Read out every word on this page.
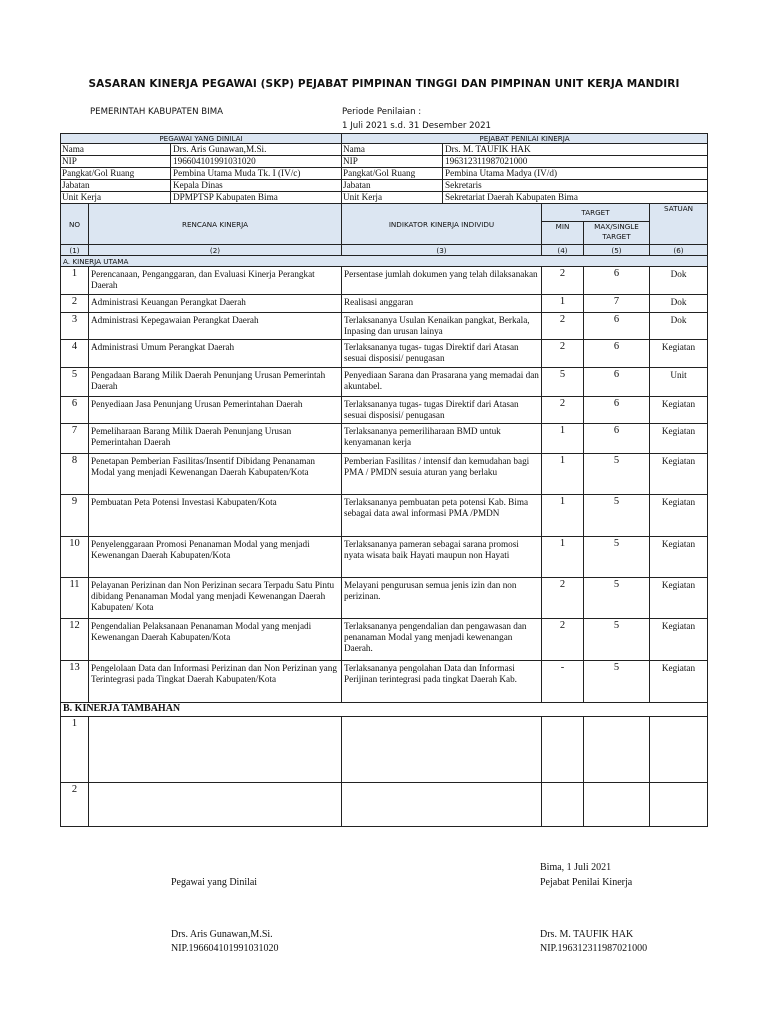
SASARAN KINERJA PEGAWAI (SKP) PEJABAT PIMPINAN TINGGI DAN PIMPINAN UNIT KERJA MANDIRI
PEMERINTAH KABUPATEN BIMA	Periode Penilaian :
1 Juli 2021 s.d. 31 Desember 2021
PEGAWAI YANG DINILAI		PEJABAT PENILAI KINERJA			

Nama Drs. Aris Gunawan,M.Si.		Nama Drs. M. TAUFIK HAK			

NIP 196604101991031020		NIP 196312311987021000			

Pangkat/Gol Ruang Pembina Utama Muda Tk. I (IV/c)		Pangkat/Gol Ruang Pembina Utama Madya (IV/d)			

Jabatan Kepala Dinas		Jabatan Sekretaris			

Unit Kerja DPMPTSP Kabupaten Bima		Unit Kerja Sekretariat Daerah Kabupaten Bima			

NO	RENCANA KINERJA	INDIKATOR KINERJA INDIVIDU	TARGET		SATUAN
			MIN	MAX/SINGLE TARGET	
(1)	(2)	(3)	(4)	(5)	(6)
A. KINERJA UTAMA					
1	Perencanaan, Penganggaran, dan Evaluasi Kinerja Perangkat Daerah	Persentase jumlah dokumen yang telah dilaksanakan	2	6	Dok
2	Administrasi Keuangan Perangkat Daerah	Realisasi anggaran	1	7	Dok
3	Administrasi Kepegawaian Perangkat Daerah	Terlaksananya Usulan Kenaikan pangkat, Berkala, Inpasing dan urusan lainya	2	6	Dok
4	Administrasi Umum Perangkat Daerah	Terlaksananya tugas- tugas Direktif dari Atasan sesuai disposisi/ penugasan	2	6	Kegiatan
5	Pengadaan Barang Milik Daerah Penunjang Urusan Pemerintah Daerah	Penyediaan Sarana dan Prasarana yang memadai dan akuntabel.	5	6	Unit
6	Penyediaan Jasa Penunjang Urusan Pemerintahan Daerah	Terlaksananya tugas- tugas Direktif dari Atasan sesuai disposisi/ penugasan	2	6	Kegiatan
7	Pemeliharaan Barang Milik Daerah Penunjang Urusan Pemerintahan Daerah	Terlaksananya pemeriliharaan BMD untuk kenyamanan kerja	1	6	Kegiatan
8	Penetapan Pemberian Fasilitas/Insentif Dibidang Penanaman Modal yang menjadi Kewenangan Daerah Kabupaten/Kota	Pemberian Fasilitas / intensif dan kemudahan bagi PMA / PMDN sesuia aturan yang berlaku	1	5	Kegiatan
9	Pembuatan Peta Potensi Investasi Kabupaten/Kota	Terlaksananya pembuatan peta potensi Kab. Bima sebagai data awal informasi PMA /PMDN	1	5	Kegiatan
10	Penyelenggaraan Promosi Penanaman Modal yang menjadi Kewenangan Daerah Kabupaten/Kota	Terlaksananya pameran sebagai sarana promosi nyata wisata baik Hayati maupun non Hayati	1	5	Kegiatan
11	Pelayanan Perizinan dan Non Perizinan secara Terpadu Satu Pintu dibidang Penanaman Modal yang menjadi Kewenangan Daerah Kabupaten/ Kota	Melayani pengurusan semua jenis izin dan non perizinan.	2	5	Kegiatan
12	Pengendalian Pelaksanaan Penanaman Modal yang menjadi Kewenangan Daerah Kabupaten/Kota	Terlaksananya pengendalian dan pengawasan dan penanaman Modal yang menjadi kewenangan Daerah.	2	5	Kegiatan
13	Pengelolaan Data dan Informasi Perizinan dan Non Perizinan yang Terintegrasi pada Tingkat Daerah Kabupaten/Kota	Terlaksananya pengolahan Data dan Informasi Perijinan terintegrasi pada tingkat Daerah Kab.	-	5	Kegiatan
B. KINERJA TAMBAHAN					
1					
2					
Bima, 1 Juli 2021
Pegawai yang Dinilai	Pejabat Penilai Kinerja
Drs. Aris Gunawan,M.Si.
NIP.196604101991031020
Drs. M. TAUFIK HAK
NIP.196312311987021000
